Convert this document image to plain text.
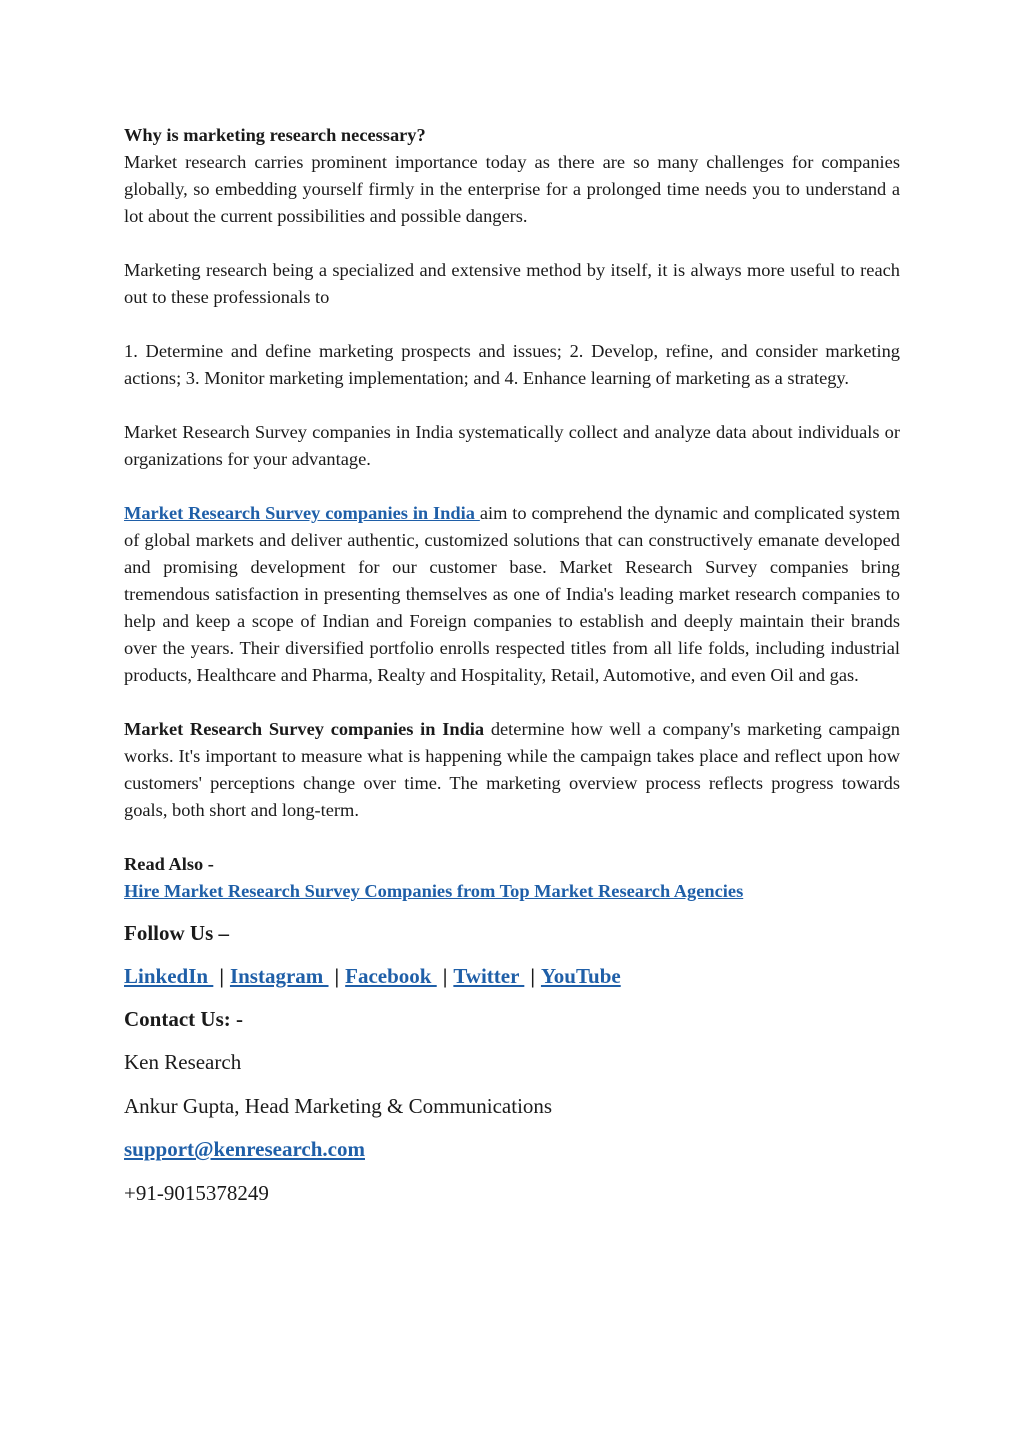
Why is marketing research necessary?

Market research carries prominent importance today as there are so many challenges for companies globally, so embedding yourself firmly in the enterprise for a prolonged time needs you to understand a lot about the current possibilities and possible dangers.

Marketing research being a specialized and extensive method by itself, it is always more useful to reach out to these professionals to

1. Determine and define marketing prospects and issues; 2. Develop, refine, and consider marketing actions; 3. Monitor marketing implementation; and 4. Enhance learning of marketing as a strategy.

Market Research Survey companies in India systematically collect and analyze data about individuals or organizations for your advantage.

Market Research Survey companies in India aim to comprehend the dynamic and complicated system of global markets and deliver authentic, customized solutions that can constructively emanate developed and promising development for our customer base. Market Research Survey companies bring tremendous satisfaction in presenting themselves as one of India's leading market research companies to help and keep a scope of Indian and Foreign companies to establish and deeply maintain their brands over the years. Their diversified portfolio enrolls respected titles from all life folds, including industrial products, Healthcare and Pharma, Realty and Hospitality, Retail, Automotive, and even Oil and gas.

Market Research Survey companies in India determine how well a company's marketing campaign works. It's important to measure what is happening while the campaign takes place and reflect upon how customers' perceptions change over time. The marketing overview process reflects progress towards goals, both short and long-term.

Read Also -

Hire Market Research Survey Companies from Top Market Research Agencies

Follow Us –

LinkedIn | Instagram | Facebook | Twitter | YouTube

Contact Us: -

Ken Research

Ankur Gupta, Head Marketing & Communications

support@kenresearch.com

+91-9015378249
